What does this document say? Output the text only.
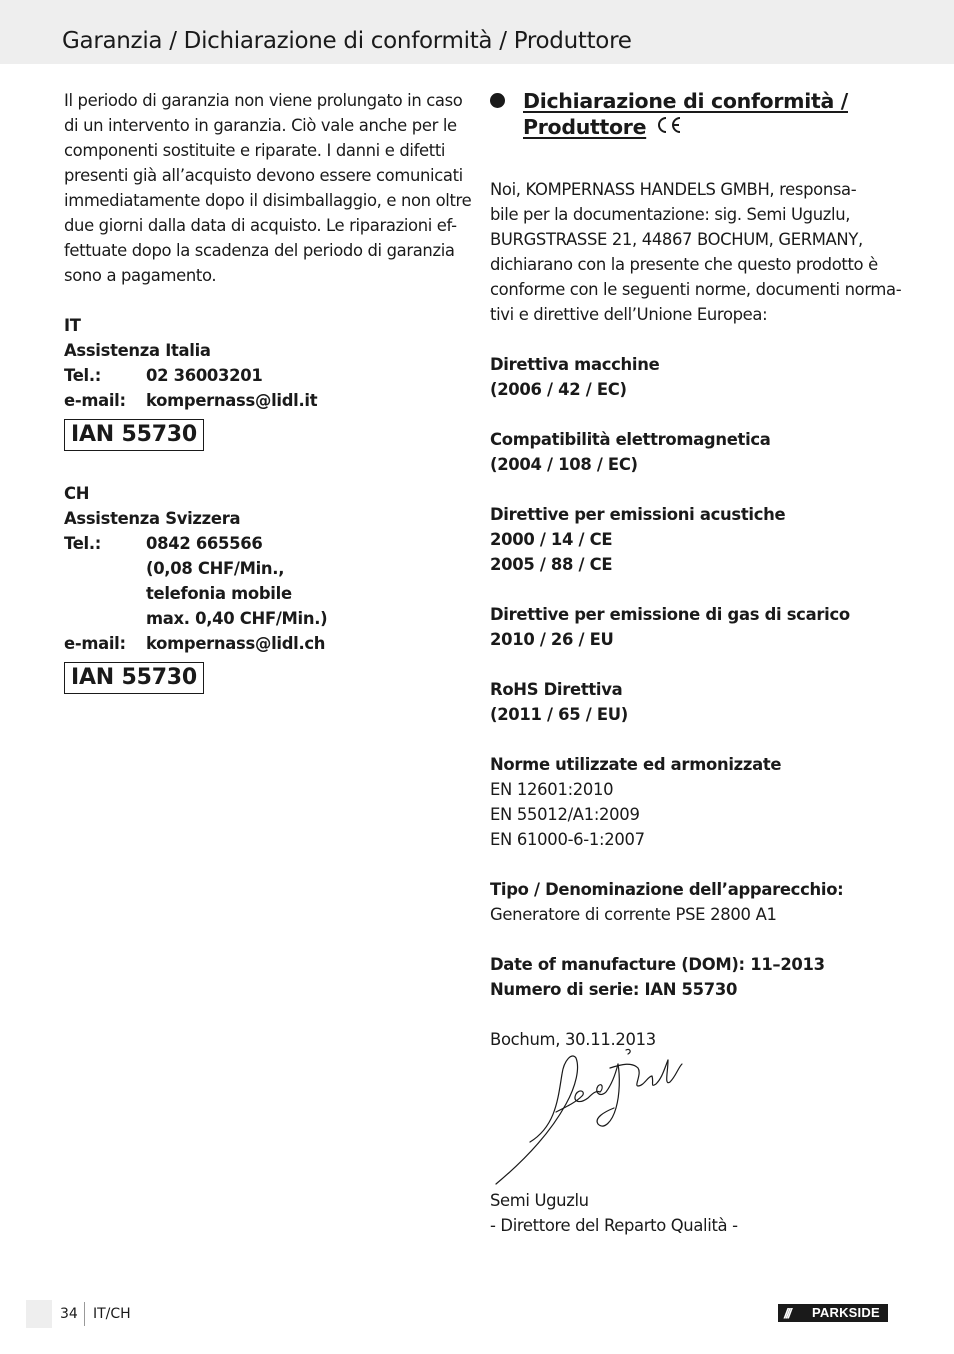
Garanzia / Dichiarazione di conformità / Produttore
Il periodo di garanzia non viene prolungato in caso
di un intervento in garanzia. Ciò vale anche per le
componenti sostituite e riparate. I danni e difetti
presenti già all’acquisto devono essere comunicati
immediatamente dopo il disimballaggio, e non oltre
due giorni dalla data di acquisto. Le riparazioni ef-
fettuate dopo la scadenza del periodo di garanzia
sono a pagamento.
IT
Assistenza Italia
Tel.:	02 36003201
e-mail:	kompernass@lidl.it
IAN 55730
CH
Assistenza Svizzera
Tel.:	0842 665566
(0,08 CHF/Min.,
telefonia mobile
max. 0,40 CHF/Min.)
e-mail:	kompernass@lidl.ch
IAN 55730
Dichiarazione di conformità /
Produttore
Noi, KOMPERNASS HANDELS GMBH, responsa-
bile per la documentazione: sig. Semi Uguzlu,
BURGSTRASSE 21, 44867 BOCHUM, GERMANY,
dichiarano con la presente che questo prodotto è
conforme con le seguenti norme, documenti norma-
tivi e direttive dell’Unione Europea:
Direttiva macchine
(2006 / 42 / EC)
Compatibilità elettromagnetica
(2004 / 108 / EC)
Direttive per emissioni acustiche
2000 / 14 / CE
2005 / 88 / CE
Direttive per emissione di gas di scarico
2010 / 26 / EU
RoHS Direttiva
(2011 / 65 / EU)
Norme utilizzate ed armonizzate
EN 12601:2010
EN 55012/A1:2009
EN 61000-6-1:2007
Tipo / Denominazione dell’apparecchio:
Generatore di corrente PSE 2800 A1
Date of manufacture (DOM): 11–2013
Numero di serie: IAN 55730
Bochum, 30.11.2013
Semi Uguzlu
- Direttore del Reparto Qualità -
34 IT/CH	///	PARKSIDE
